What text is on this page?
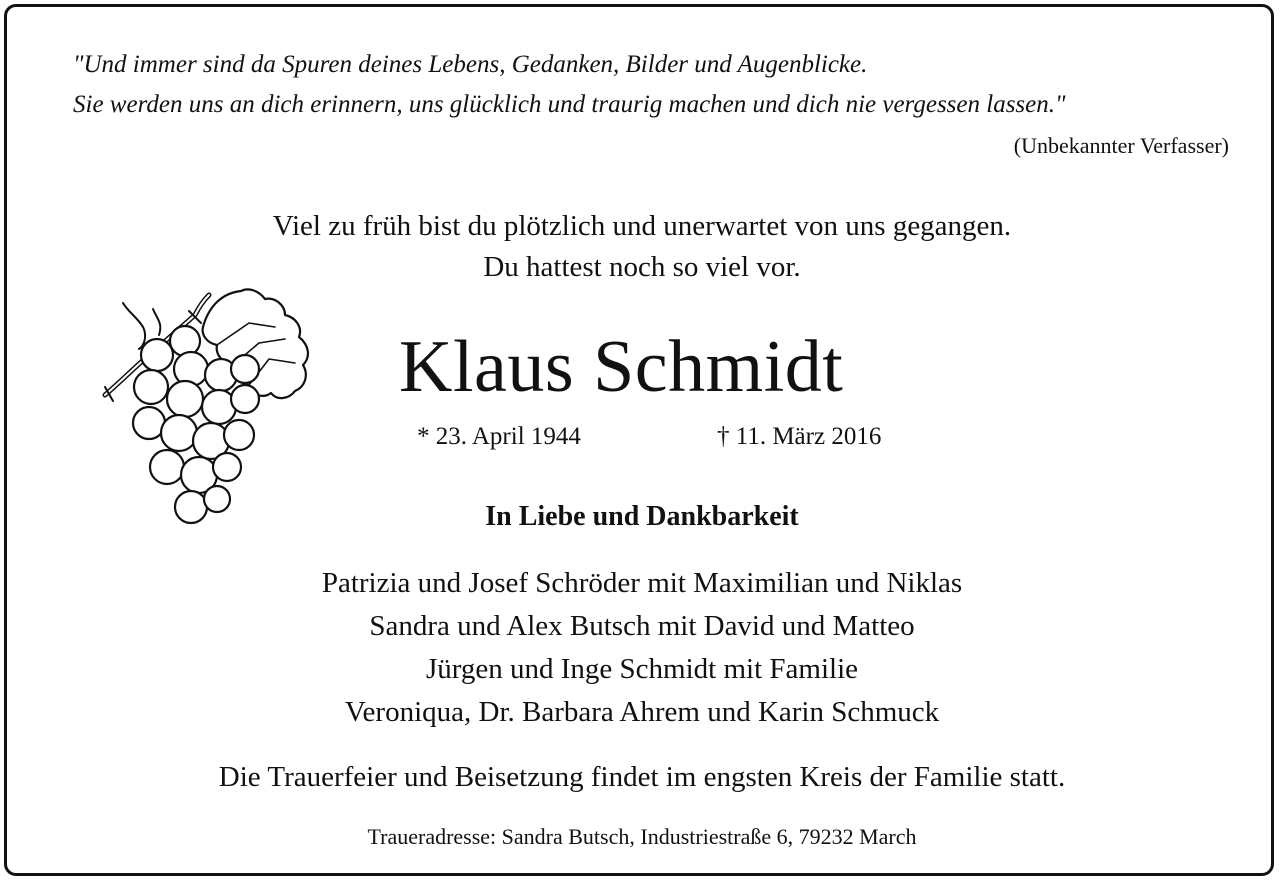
"Und immer sind da Spuren deines Lebens, Gedanken, Bilder und Augenblicke.
Sie werden uns an dich erinnern, uns glücklich und traurig machen und dich nie vergessen lassen."
(Unbekannter Verfasser)
Viel zu früh bist du plötzlich und unerwartet von uns gegangen.
Du hattest noch so viel vor.
Klaus Schmidt
* 23. April 1944	† 11. März 2016
In Liebe und Dankbarkeit
Patrizia und Josef Schröder mit Maximilian und Niklas
Sandra und Alex Butsch mit David und Matteo
Jürgen und Inge Schmidt mit Familie
Veroniqua, Dr. Barbara Ahrem und Karin Schmuck
Die Trauerfeier und Beisetzung findet im engsten Kreis der Familie statt.
Traueradresse: Sandra Butsch, Industriestraße 6, 79232 March
